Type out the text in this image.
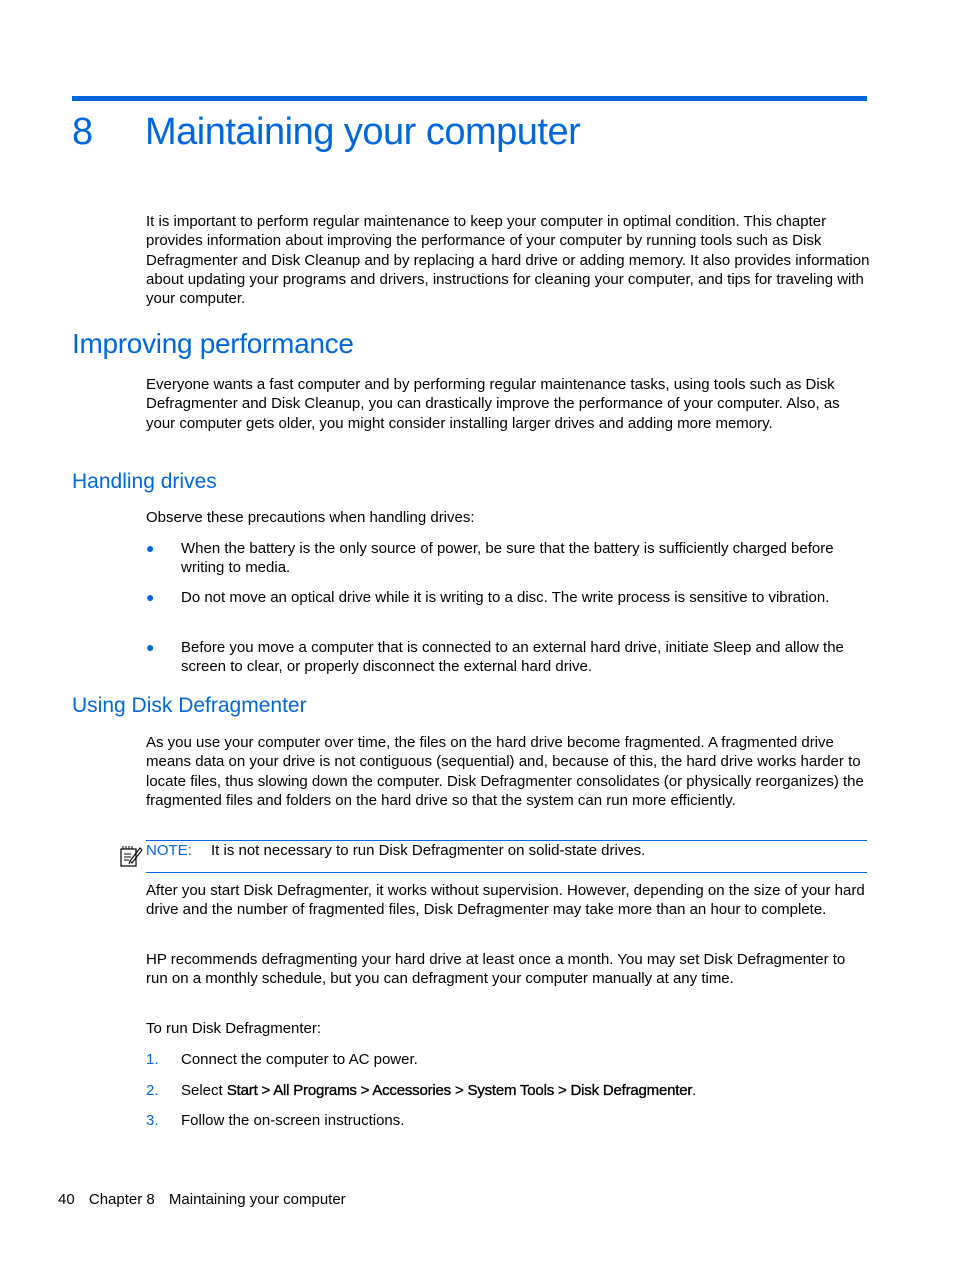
8	Maintaining your computer

It is important to perform regular maintenance to keep your computer in optimal condition. This chapter provides information about improving the performance of your computer by running tools such as Disk Defragmenter and Disk Cleanup and by replacing a hard drive or adding memory. It also provides information about updating your programs and drivers, instructions for cleaning your computer, and tips for traveling with your computer.

Improving performance

Everyone wants a fast computer and by performing regular maintenance tasks, using tools such as Disk Defragmenter and Disk Cleanup, you can drastically improve the performance of your computer. Also, as your computer gets older, you might consider installing larger drives and adding more memory.

Handling drives

Observe these precautions when handling drives:

● When the battery is the only source of power, be sure that the battery is sufficiently charged before writing to media.
● Do not move an optical drive while it is writing to a disc. The write process is sensitive to vibration.
● Before you move a computer that is connected to an external hard drive, initiate Sleep and allow the screen to clear, or properly disconnect the external hard drive.
Using Disk Defragmenter

As you use your computer over time, the files on the hard drive become fragmented. A fragmented drive means data on your drive is not contiguous (sequential) and, because of this, the hard drive works harder to locate files, thus slowing down the computer. Disk Defragmenter consolidates (or physically reorganizes) the fragmented files and folders on the hard drive so that the system can run more efficiently.

NOTE: It is not necessary to run Disk Defragmenter on solid-state drives.

After you start Disk Defragmenter, it works without supervision. However, depending on the size of your hard drive and the number of fragmented files, Disk Defragmenter may take more than an hour to complete.

HP recommends defragmenting your hard drive at least once a month. You may set Disk Defragmenter to run on a monthly schedule, but you can defragment your computer manually at any time.

To run Disk Defragmenter:

1. Connect the computer to AC power.
2. Select Start > All Programs > Accessories > System Tools > Disk Defragmenter.
3. Follow the on-screen instructions.
40 Chapter 8 Maintaining your computer
